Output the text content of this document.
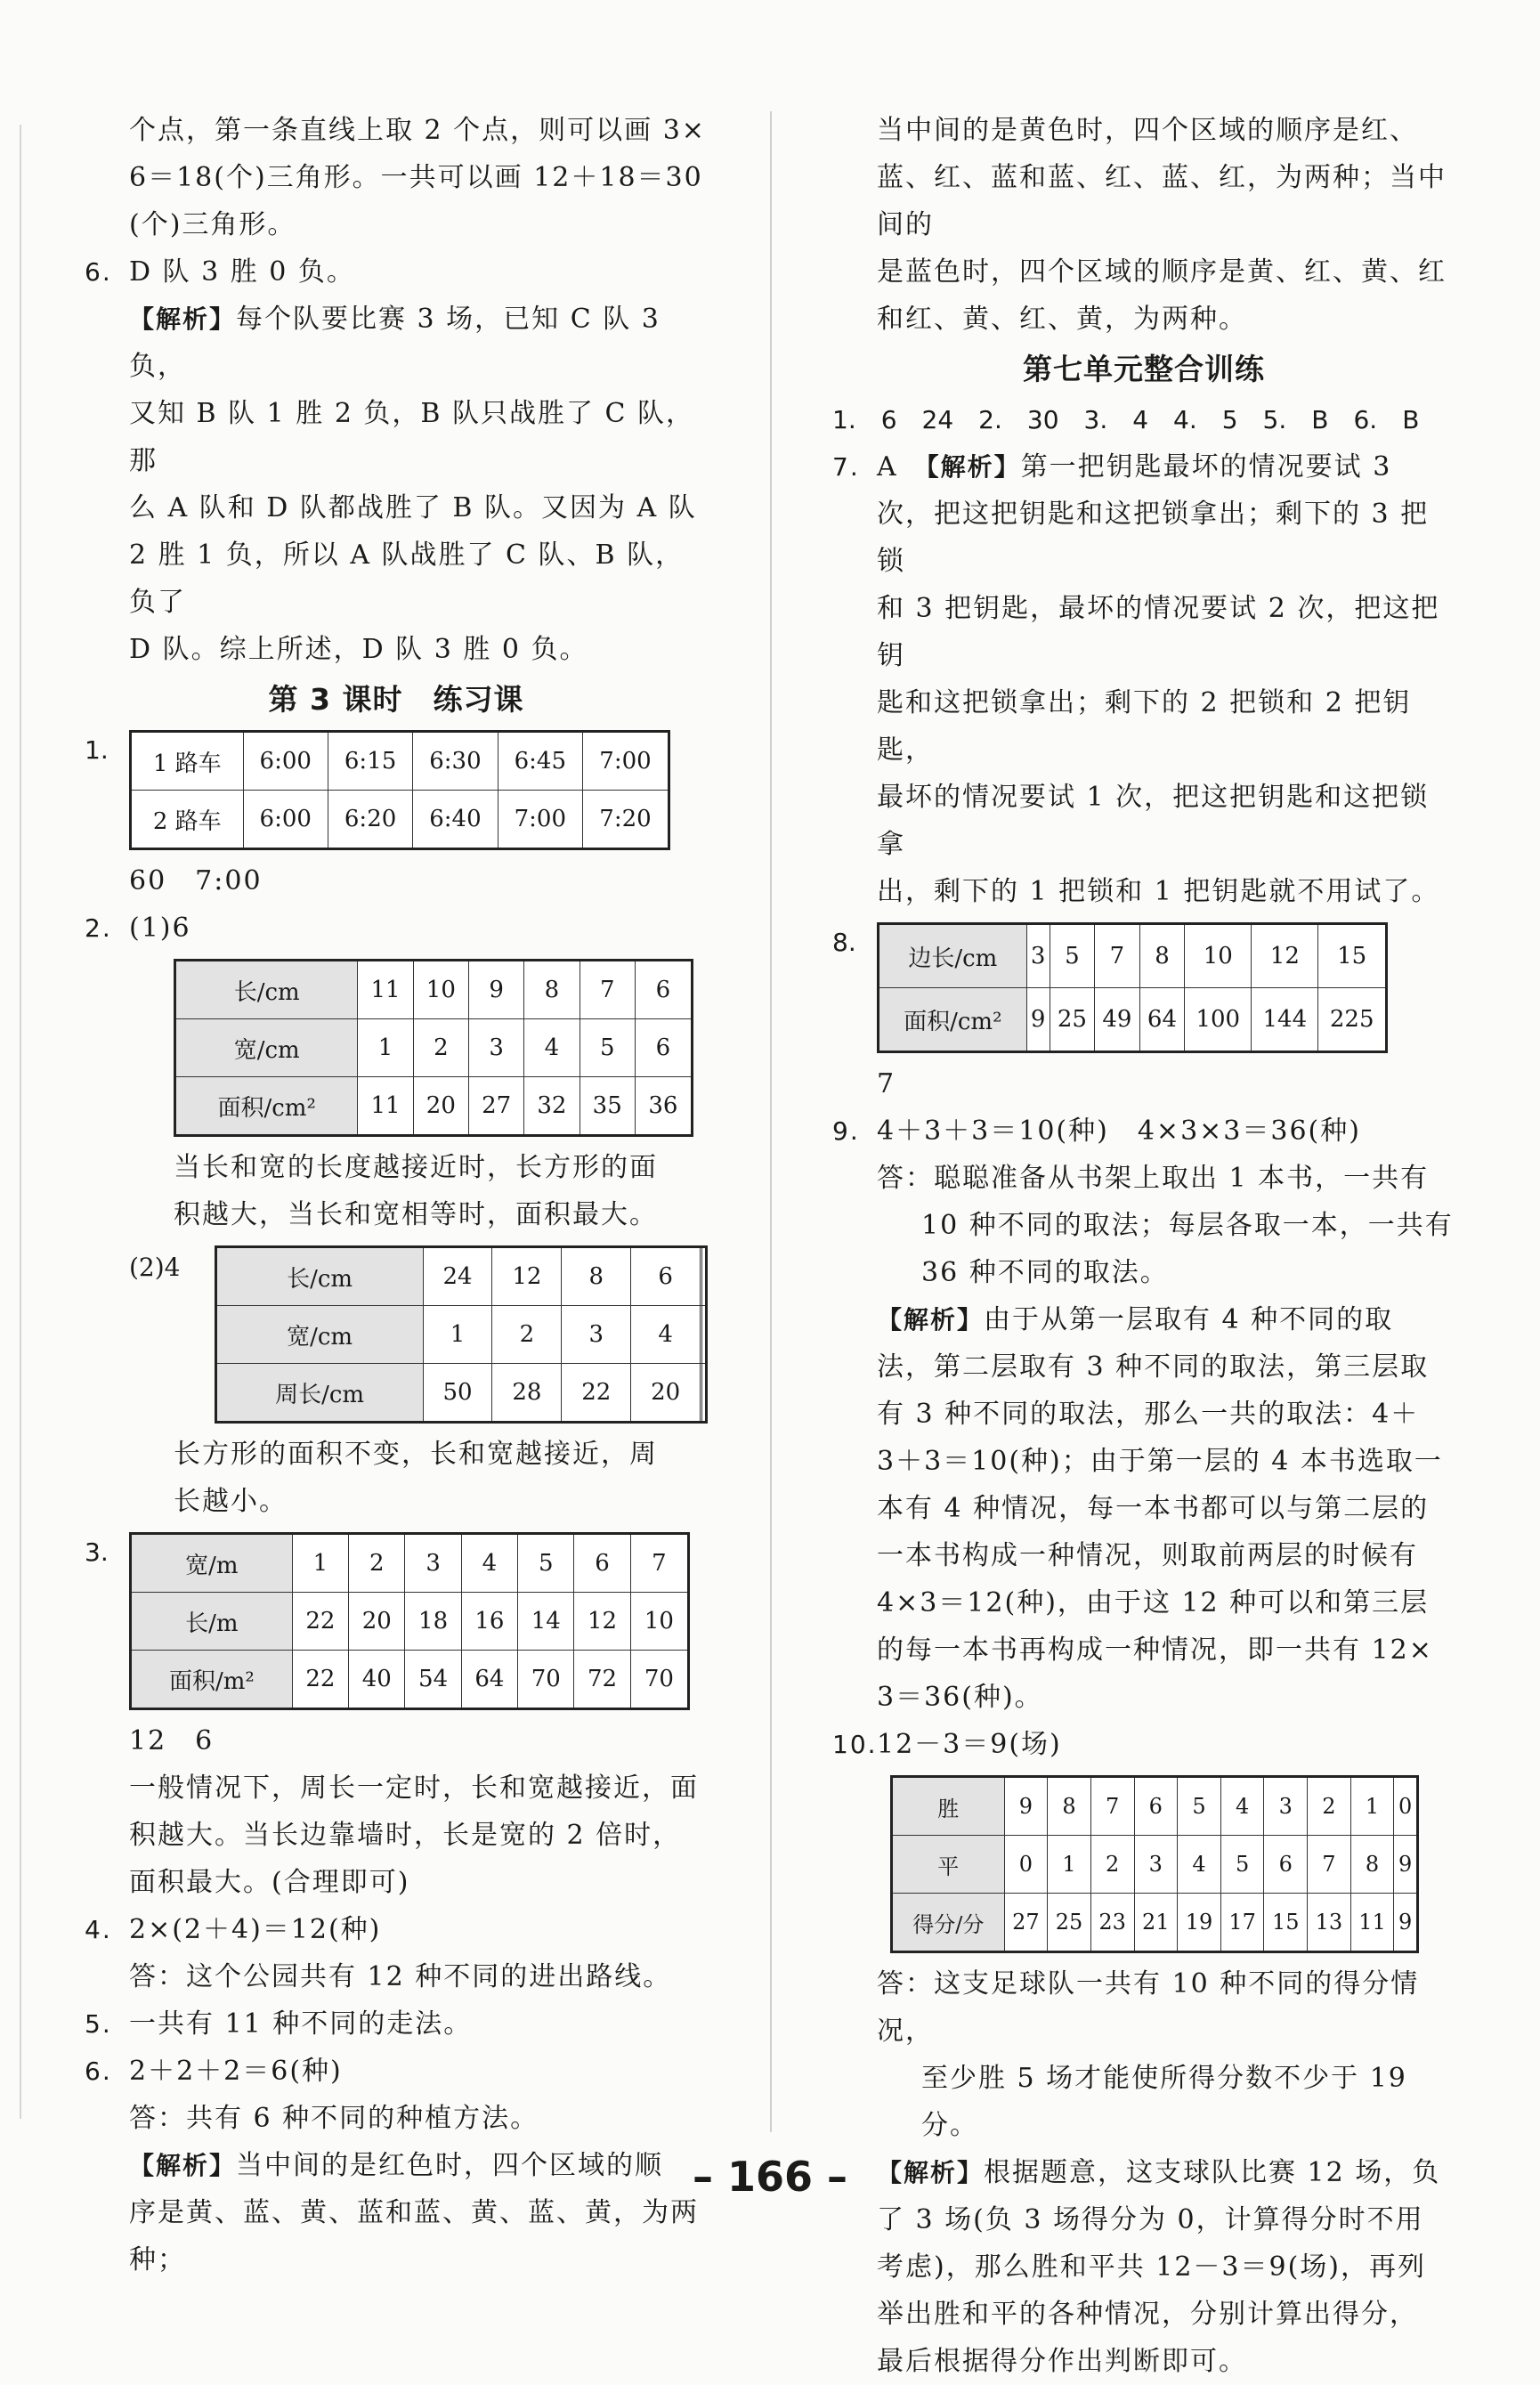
个点，第一条直线上取 2 个点，则可以画 3×

6＝18(个)三角形。一共可以画 12＋18＝30

(个)三角形。

6. D 队 3 胜 0 负。

【解析】每个队要比赛 3 场，已知 C 队 3 负，

又知 B 队 1 胜 2 负，B 队只战胜了 C 队，那

么 A 队和 D 队都战胜了 B 队。又因为 A 队

2 胜 1 负，所以 A 队战胜了 C 队、B 队，负了

D 队。综上所述，D 队 3 胜 0 负。

第 3 课时　练习课
1.	1 路车	6:00	6:15	6:30	6:45	7:00
2 路车	6:00	6:20	6:40	7:00	7:20

60　7:00

2. (1)6

长/cm	11	10	9	8	7	6
宽/cm	1	2	3	4	5	6
面积/cm²	11	20	27	32	35	36

当长和宽的长度越接近时，长方形的面

积越大，当长和宽相等时，面积最大。

(2)4	长/cm	24	12	8	6		
宽/cm	1	2	3	4		
周长/cm	50	28	22	20		

长方形的面积不变，长和宽越接近，周

长越小。

3.	宽/m	1	2	3	4	5	6	7
长/m	22	20	18	16	14	12	10
面积/m²	22	40	54	64	70	72	70

12　6

一般情况下，周长一定时，长和宽越接近，面

积越大。当长边靠墙时，长是宽的 2 倍时，

面积最大。(合理即可)

4. 2×(2＋4)＝12(种)

答：这个公园共有 12 种不同的进出路线。

5. 一共有 11 种不同的走法。

6. 2＋2＋2＝6(种)

答：共有 6 种不同的种植方法。

【解析】当中间的是红色时，四个区域的顺

序是黄、蓝、黄、蓝和蓝、黄、蓝、黄，为两种；

当中间的是黄色时，四个区域的顺序是红、

蓝、红、蓝和蓝、红、蓝、红，为两种；当中间的

是蓝色时，四个区域的顺序是黄、红、黄、红

和红、黄、红、黄，为两种。

第七单元整合训练

1. 6　24　2.　30　3.　4　4.　5　5.　B　6.　B

7. A　 【解析】第一把钥匙最坏的情况要试 3

次，把这把钥匙和这把锁拿出；剩下的 3 把锁

和 3 把钥匙，最坏的情况要试 2 次，把这把钥

匙和这把锁拿出；剩下的 2 把锁和 2 把钥匙，

最坏的情况要试 1 次，把这把钥匙和这把锁拿

出，剩下的 1 把锁和 1 把钥匙就不用试了。

8.
边长/cm	3	5	7	8	10	12	15
面积/cm²	9	25	49	64	100	144	225

7

9. 4＋3＋3＝10(种)　4×3×3＝36(种)

答：聪聪准备从书架上取出 1 本书，一共有

10 种不同的取法；每层各取一本，一共有

36 种不同的取法。

【解析】由于从第一层取有 4 种不同的取

法，第二层取有 3 种不同的取法，第三层取

有 3 种不同的取法，那么一共的取法：4＋

3＋3＝10(种)；由于第一层的 4 本书选取一

本有 4 种情况，每一本书都可以与第二层的

一本书构成一种情况，则取前两层的时候有

4×3＝12(种)，由于这 12 种可以和第三层

的每一本书再构成一种情况，即一共有 12×

3＝36(种)。

10. 12－3＝9(场)

胜	9	8	7	6	5	4	3	2	1	0
平	0	1	2	3	4	5	6	7	8	9
得分/分	27	25	23	21	19	17	15	13	11	9

答：这支足球队一共有 10 种不同的得分情况，

至少胜 5 场才能使所得分数不少于 19 分。

【解析】根据题意，这支球队比赛 12 场，负

了 3 场(负 3 场得分为 0，计算得分时不用

考虑)，那么胜和平共 12－3＝9(场)，再列

举出胜和平的各种情况，分别计算出得分，

最后根据得分作出判断即可。

– 166 –
